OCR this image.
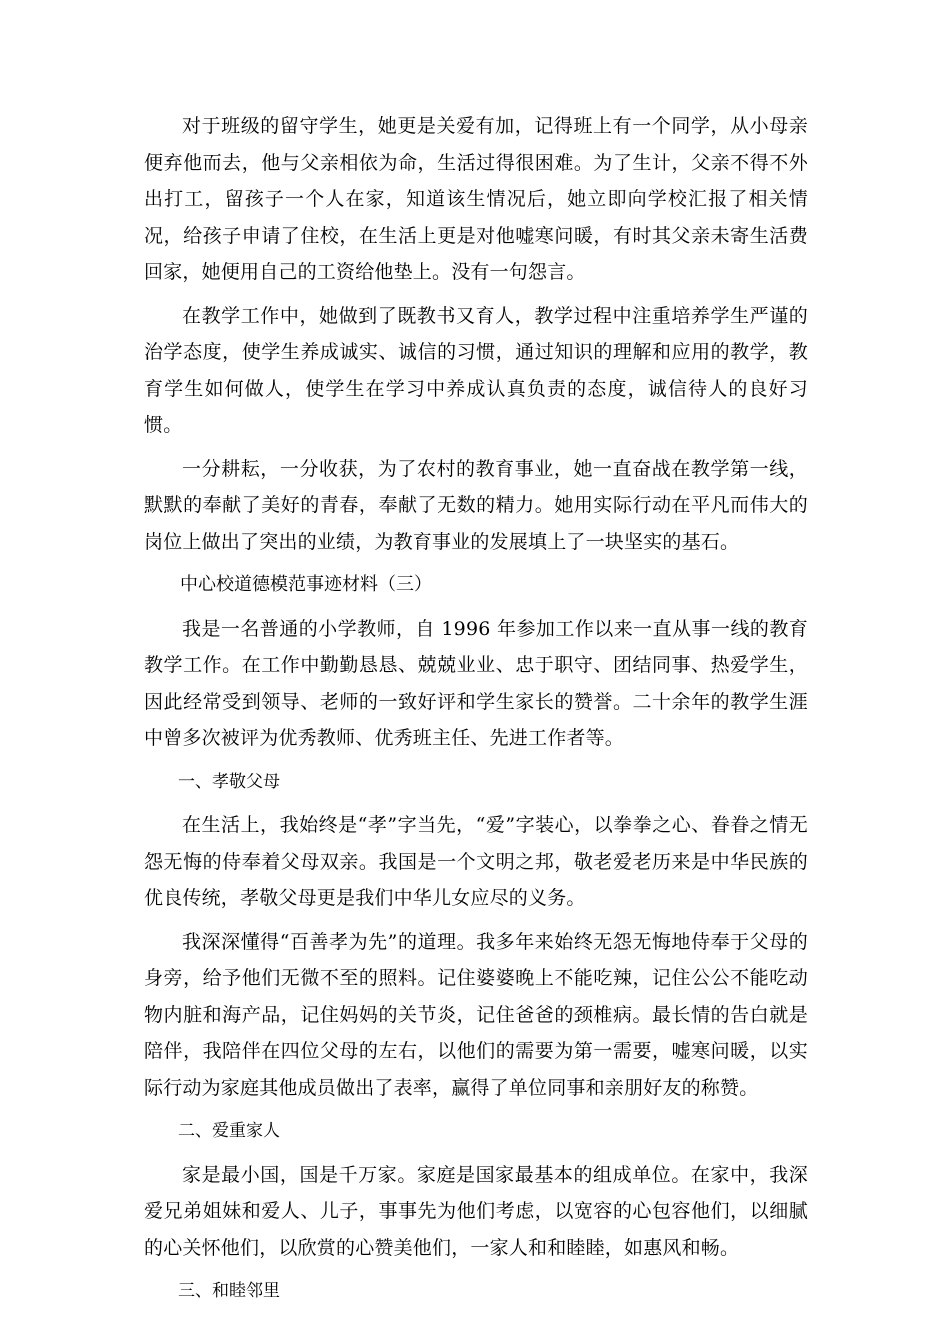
对于班级的留守学生，她更是关爱有加，记得班上有一个同学，从小母亲便弃他而去，他与父亲相依为命，生活过得很困难。为了生计，父亲不得不外出打工，留孩子一个人在家，知道该生情况后，她立即向学校汇报了相关情况，给孩子申请了住校，在生活上更是对他嘘寒问暖，有时其父亲未寄生活费回家，她便用自己的工资给他垫上。没有一句怨言。

在教学工作中，她做到了既教书又育人，教学过程中注重培养学生严谨的治学态度，使学生养成诚实、诚信的习惯，通过知识的理解和应用的教学，教育学生如何做人，使学生在学习中养成认真负责的态度，诚信待人的良好习惯。

一分耕耘，一分收获，为了农村的教育事业，她一直奋战在教学第一线，默默的奉献了美好的青春，奉献了无数的精力。她用实际行动在平凡而伟大的岗位上做出了突出的业绩，为教育事业的发展填上了一块坚实的基石。

中心校道德模范事迹材料（三）

我是一名普通的小学教师，自 1996 年参加工作以来一直从事一线的教育教学工作。在工作中勤勤恳恳、兢兢业业、忠于职守、团结同事、热爱学生，因此经常受到领导、老师的一致好评和学生家长的赞誉。二十余年的教学生涯中曾多次被评为优秀教师、优秀班主任、先进工作者等。

一、孝敬父母

在生活上，我始终是“孝”字当先，“爱”字装心，以拳拳之心、眷眷之情无怨无悔的侍奉着父母双亲。我国是一个文明之邦，敬老爱老历来是中华民族的优良传统，孝敬父母更是我们中华儿女应尽的义务。

我深深懂得“百善孝为先”的道理。我多年来始终无怨无悔地侍奉于父母的身旁，给予他们无微不至的照料。记住婆婆晚上不能吃辣，记住公公不能吃动物内脏和海产品，记住妈妈的关节炎，记住爸爸的颈椎病。最长情的告白就是陪伴，我陪伴在四位父母的左右，以他们的需要为第一需要，嘘寒问暖，以实际行动为家庭其他成员做出了表率，赢得了单位同事和亲朋好友的称赞。

二、爱重家人

家是最小国，国是千万家。家庭是国家最基本的组成单位。在家中，我深爱兄弟姐妹和爱人、儿子，事事先为他们考虑，以宽容的心包容他们，以细腻的心关怀他们，以欣赏的心赞美他们，一家人和和睦睦，如惠风和畅。

三、和睦邻里
